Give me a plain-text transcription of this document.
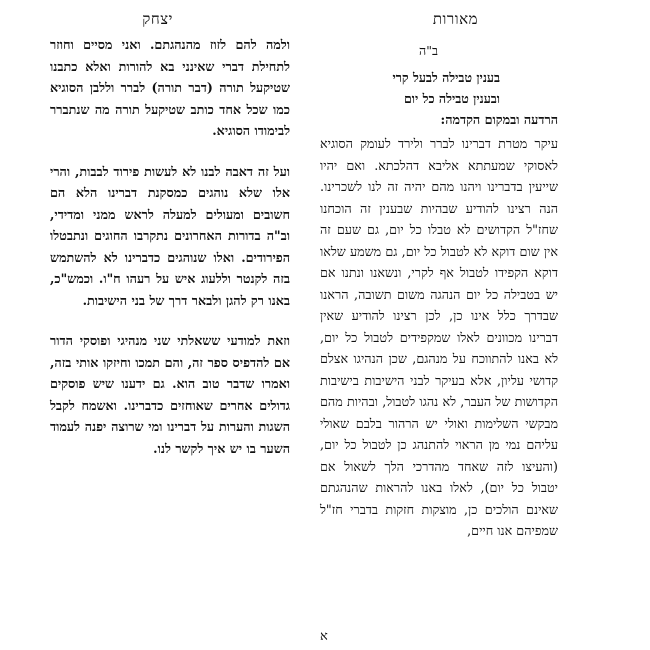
מאורות
יצחק
ב"ה
בענין טבילה לבעל קרי
ובענין טבילה כל יום
הרדעה ובמקום הקדמה:

עיקר מטרת דברינו לברר ולירד לעומק הסוגיא לאסוקי שמעתתא אליבא דהלכתא. ואם יהיו שייעין בדברינו ויהנו מהם יהיה זה לנו לשכרינו. הנה רצינו להודיע שבהיות שבענין זה הוכחנו שחז"ל הקדושים לא טבלו כל יום, גם שעם זה אין שום דוקא לא לטבול כל יום, גם משמע שלאו דוקא הקפידו לטבול אף לקרי, ונשאנו ונתנו אם יש בטבילה כל יום הנהגה משום תשובה, הראנו שבדרך כלל אינו כן, לכן רצינו להודיע שאין דברינו מכוונים לאלו שמקפידים לטבול כל יום, לא באנו להתווכח על מנהגם, שכן הנהיגו אצלם קדושי עליון, אלא בעיקר לבני הישיבות בישיבות הקדושות של העבר, לא נהגו לטבול, ובהיות מהם מבקשי השלימות ואולי יש הרהור בלבם שאולי עליהם נמי מן הראוי להתנהג כן לטבול כל יום, (והעיצו לזה שאחד מהדרכי הלך לשאול אם יטבול כל יום), לאלו באנו להראות שהנהגתם שאינם הולכים כן, מוצקות חזקות בדברי חז"ל שמפיהם אנו חיים,

ולמה להם לזוז מהנהגתם. ואני מסיים וחוזר לתחילת דברי שאינני בא להורות ואלא כתבנו שטיקעל תורה (דבר תורה) לברר וללבן הסוגיא כמו שכל אחד כותב שטיקעל תורה מה שנתברר לבימודו הסוגיא.

ועל זה דאבה לבנו לא לעשות פירוד לבבות, והרי אלו שלא נוהגים כמסקנת דברינו הלא הם חשובים ומעולים למעלה לראש ממני ומדידי, וב"ה בדורות האחרונים נתקרבו החוגים ונתבטלו הפירודים. ואלו שנוהגים כדברינו לא להשתמש בזה לקנטר וללעוג איש על רעהו ח"ו. וכמש"כ, באנו רק להגן ולבאר דרך של בני הישיבות.

וזאת למודעי ששאלתי שני מנהיגי ופוסקי הדור אם להדפיס ספר זה, והם תמכו וחיזקו אותי בזה, ואמרו שדבר טוב הוא. גם ידענו שיש פוסקים גדולים אחרים שאוחזים כדברינו. ואשמח לקבל השגות והערות על דברינו ומי שרוצה יפנה לעמוד השער בו יש איך לקשר לנו.

א
